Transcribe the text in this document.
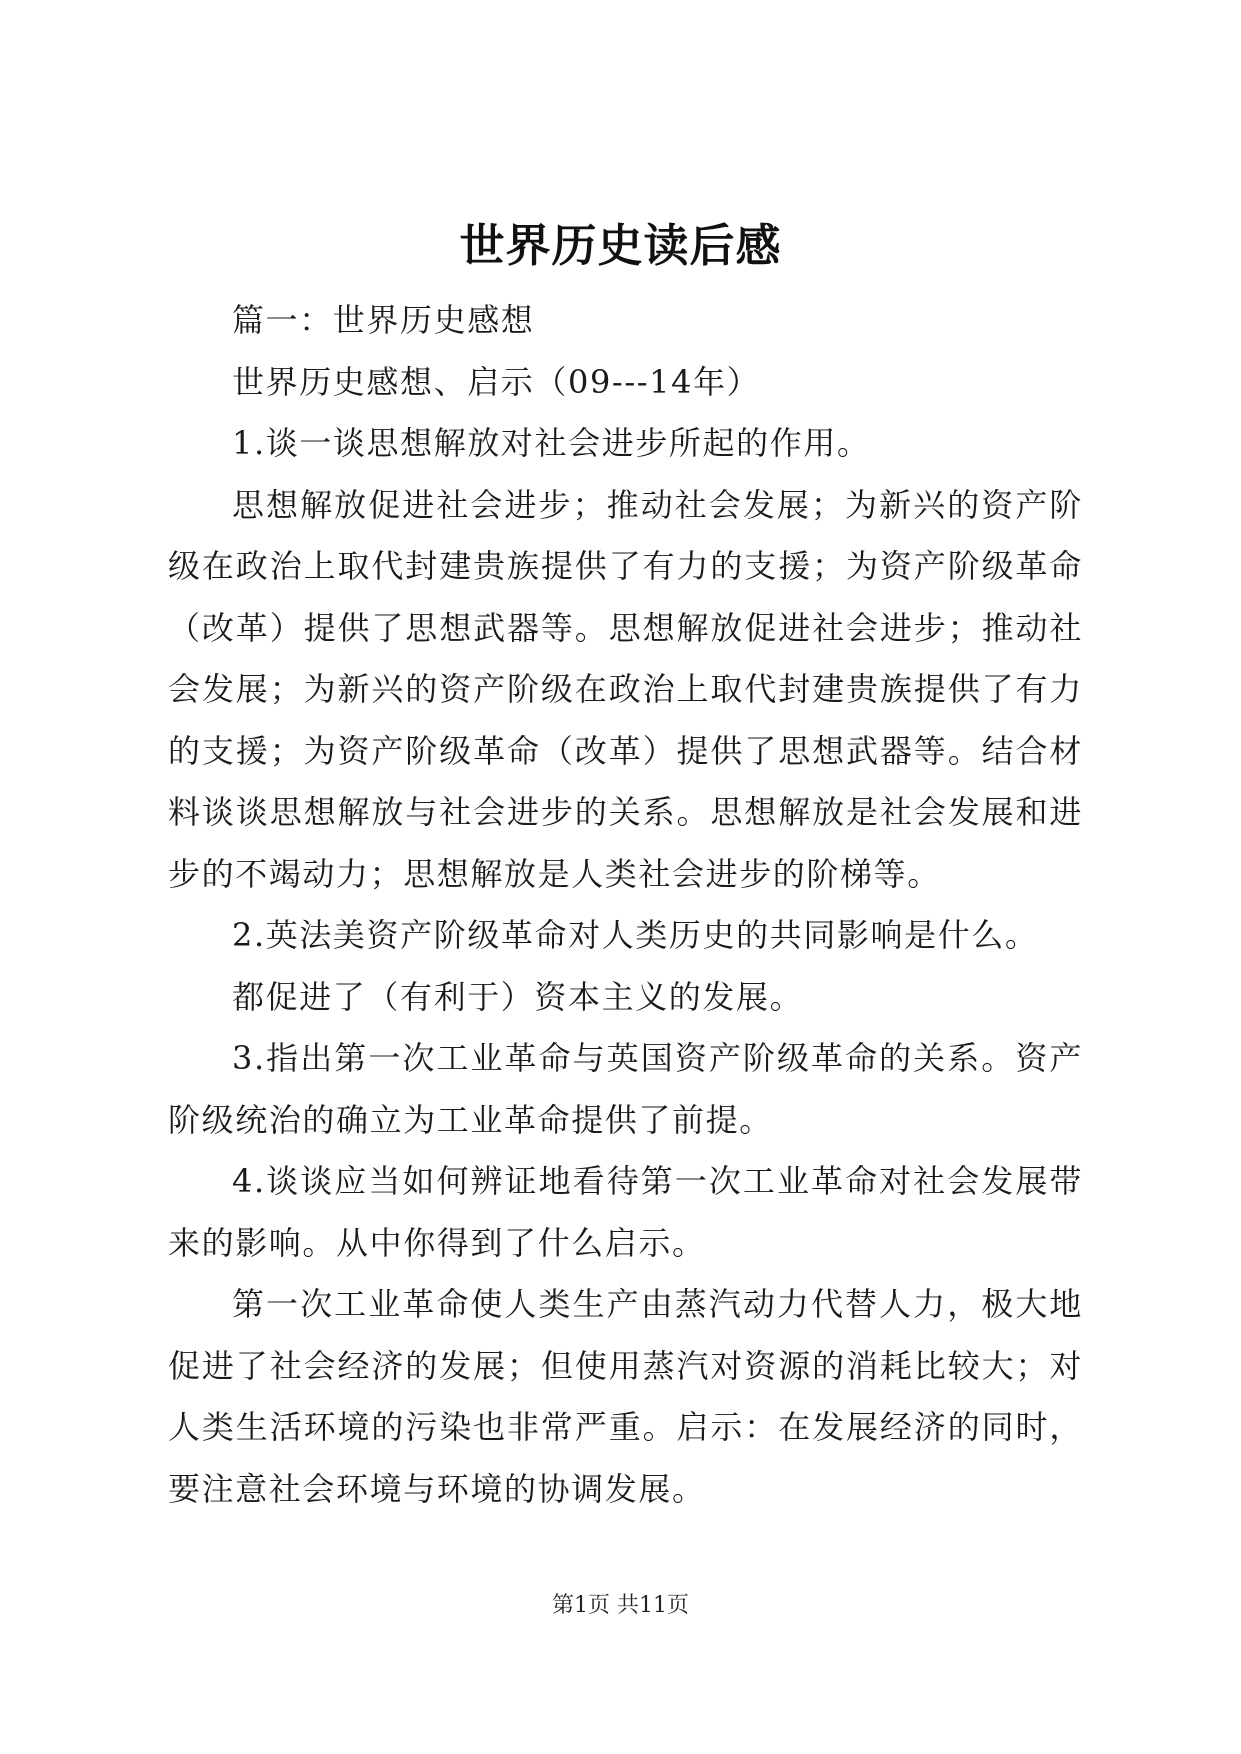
世界历史读后感

篇一：世界历史感想

世界历史感想、启示（09---14年）

1.谈一谈思想解放对社会进步所起的作用。

思想解放促进社会进步；推动社会发展；为新兴的资产阶级在政治上取代封建贵族提供了有力的支援；为资产阶级革命（改革）提供了思想武器等。思想解放促进社会进步；推动社会发展；为新兴的资产阶级在政治上取代封建贵族提供了有力的支援；为资产阶级革命（改革）提供了思想武器等。结合材料谈谈思想解放与社会进步的关系。思想解放是社会发展和进步的不竭动力；思想解放是人类社会进步的阶梯等。

2.英法美资产阶级革命对人类历史的共同影响是什么。

都促进了（有利于）资本主义的发展。

3.指出第一次工业革命与英国资产阶级革命的关系。资产阶级统治的确立为工业革命提供了前提。

4.谈谈应当如何辨证地看待第一次工业革命对社会发展带来的影响。从中你得到了什么启示。

第一次工业革命使人类生产由蒸汽动力代替人力，极大地促进了社会经济的发展；但使用蒸汽对资源的消耗比较大；对人类生活环境的污染也非常严重。启示：在发展经济的同时，要注意社会环境与环境的协调发展。

第1页 共11页
